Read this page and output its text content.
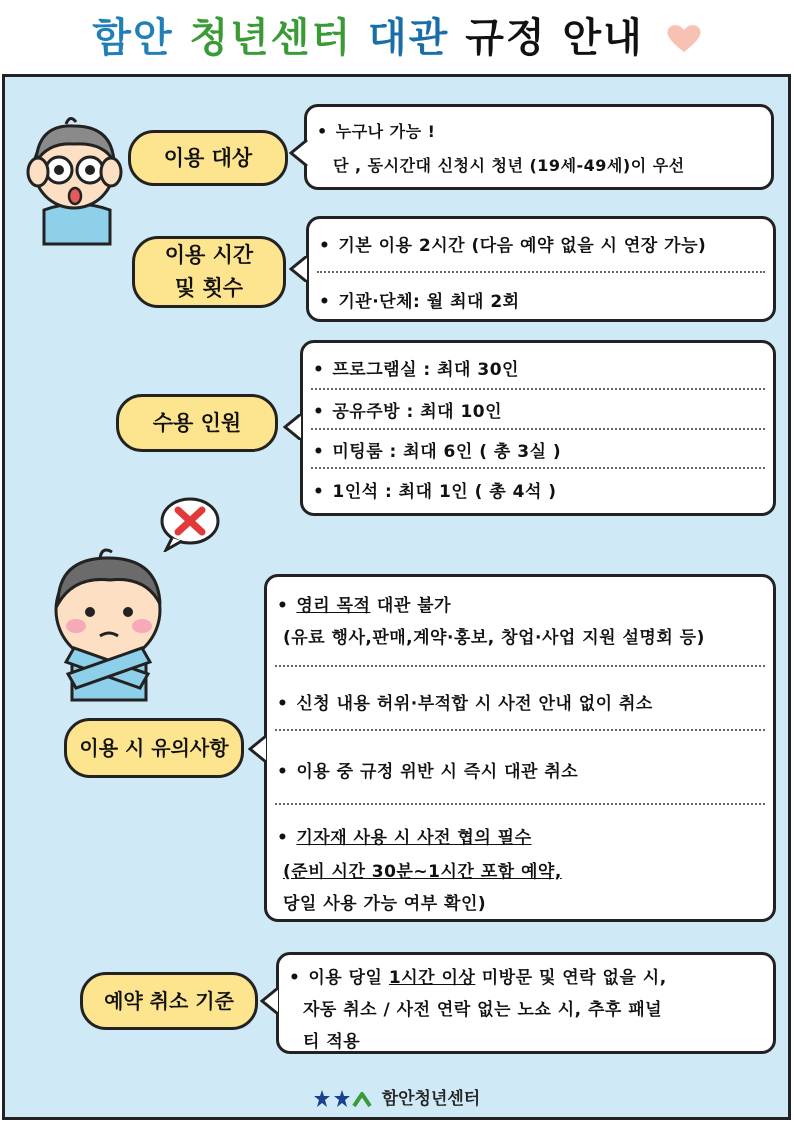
함안 청년센터 대관 규정 안내
이용 대상
• 누구나 가능 !
단 , 동시간대 신청시 청년 (19세-49세)이 우선
이용 시간
및 횟수
• 기본 이용 2시간 (다음 예약 없을 시 연장 가능)
• 기관·단체: 월 최대 2회
수용 인원
• 프로그램실 : 최대 30인
• 공유주방 : 최대 10인
• 미팅룸 : 최대 6인 ( 총 3실 )
• 1인석 : 최대 1인 ( 총 4석 )
이용 시 유의사항
• 영리 목적 대관 불가
(유료 행사,판매,계약·홍보, 창업·사업 지원 설명회 등)
• 신청 내용 허위·부적합 시 사전 안내 없이 취소
• 이용 중 규정 위반 시 즉시 대관 취소
• 기자재 사용 시 사전 협의 필수
(준비 시간 30분~1시간 포함 예약,
당일 사용 가능 여부 확인)
예약 취소 기준
• 이용 당일 1시간 이상 미방문 및 연락 없을 시,
자동 취소 / 사전 연락 없는 노쇼 시, 추후 패널
티 적용
함안청년센터
